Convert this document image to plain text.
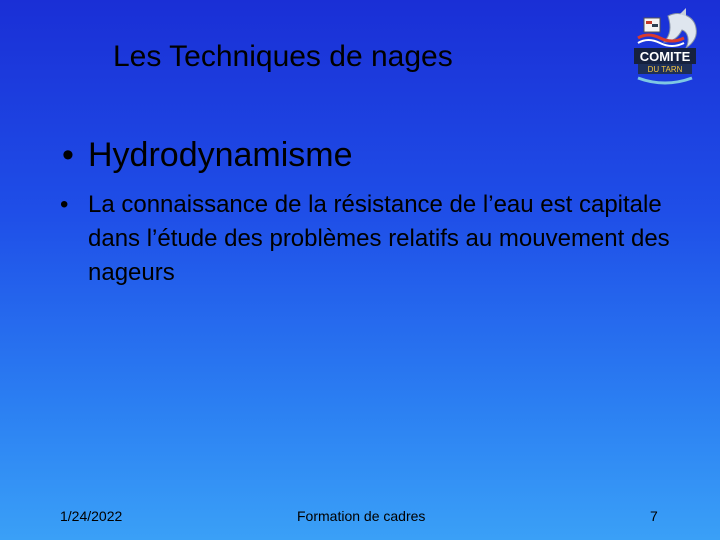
Les Techniques de nages	COMITE
DU TARN
• Hydrodynamisme
• La connaissance de la résistance de l’eau est capitale dans l’étude des problèmes relatifs au mouvement des nageurs
1/24/2022	Formation de cadres	7
